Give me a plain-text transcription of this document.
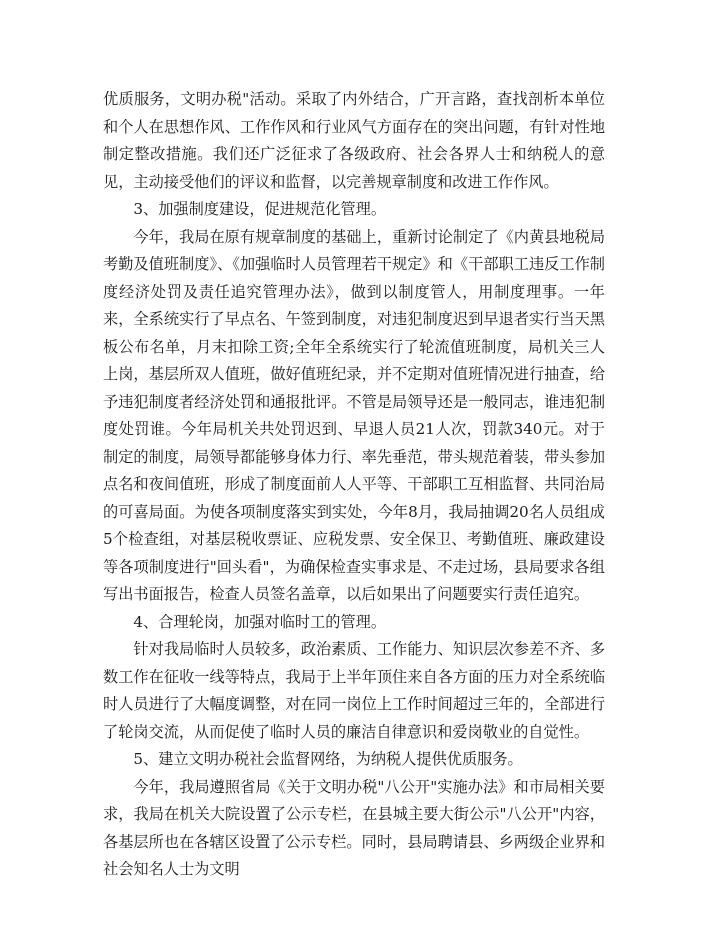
优质服务，文明办税"活动。采取了内外结合，广开言路，查找剖析本单位和个人在思想作风、工作作风和行业风气方面存在的突出问题，有针对性地制定整改措施。我们还广泛征求了各级政府、社会各界人士和纳税人的意见，主动接受他们的评议和监督，以完善规章制度和改进工作作风。

3、加强制度建设，促进规范化管理。

今年，我局在原有规章制度的基础上，重新讨论制定了《内黄县地税局考勤及值班制度》、《加强临时人员管理若干规定》和《干部职工违反工作制度经济处罚及责任追究管理办法》，做到以制度管人，用制度理事。一年来，全系统实行了早点名、午签到制度，对违犯制度迟到早退者实行当天黑板公布名单，月末扣除工资;全年全系统实行了轮流值班制度，局机关三人上岗，基层所双人值班，做好值班纪录，并不定期对值班情况进行抽查，给予违犯制度者经济处罚和通报批评。不管是局领导还是一般同志，谁违犯制度处罚谁。今年局机关共处罚迟到、早退人员21人次，罚款340元。对于制定的制度，局领导都能够身体力行、率先垂范，带头规范着装，带头参加点名和夜间值班，形成了制度面前人人平等、干部职工互相监督、共同治局的可喜局面。为使各项制度落实到实处，今年8月，我局抽调20名人员组成5个检查组，对基层税收票证、应税发票、安全保卫、考勤值班、廉政建设等各项制度进行"回头看"，为确保检查实事求是、不走过场，县局要求各组写出书面报告，检查人员签名盖章，以后如果出了问题要实行责任追究。

4、合理轮岗，加强对临时工的管理。

针对我局临时人员较多，政治素质、工作能力、知识层次参差不齐、多数工作在征收一线等特点，我局于上半年顶住来自各方面的压力对全系统临时人员进行了大幅度调整，对在同一岗位上工作时间超过三年的，全部进行了轮岗交流，从而促使了临时人员的廉洁自律意识和爱岗敬业的自觉性。

5、建立文明办税社会监督网络，为纳税人提供优质服务。

今年，我局遵照省局《关于文明办税"八公开"实施办法》和市局相关要求，我局在机关大院设置了公示专栏，在县城主要大街公示"八公开"内容，各基层所也在各辖区设置了公示专栏。同时，县局聘请县、乡两级企业界和社会知名人士为文明
